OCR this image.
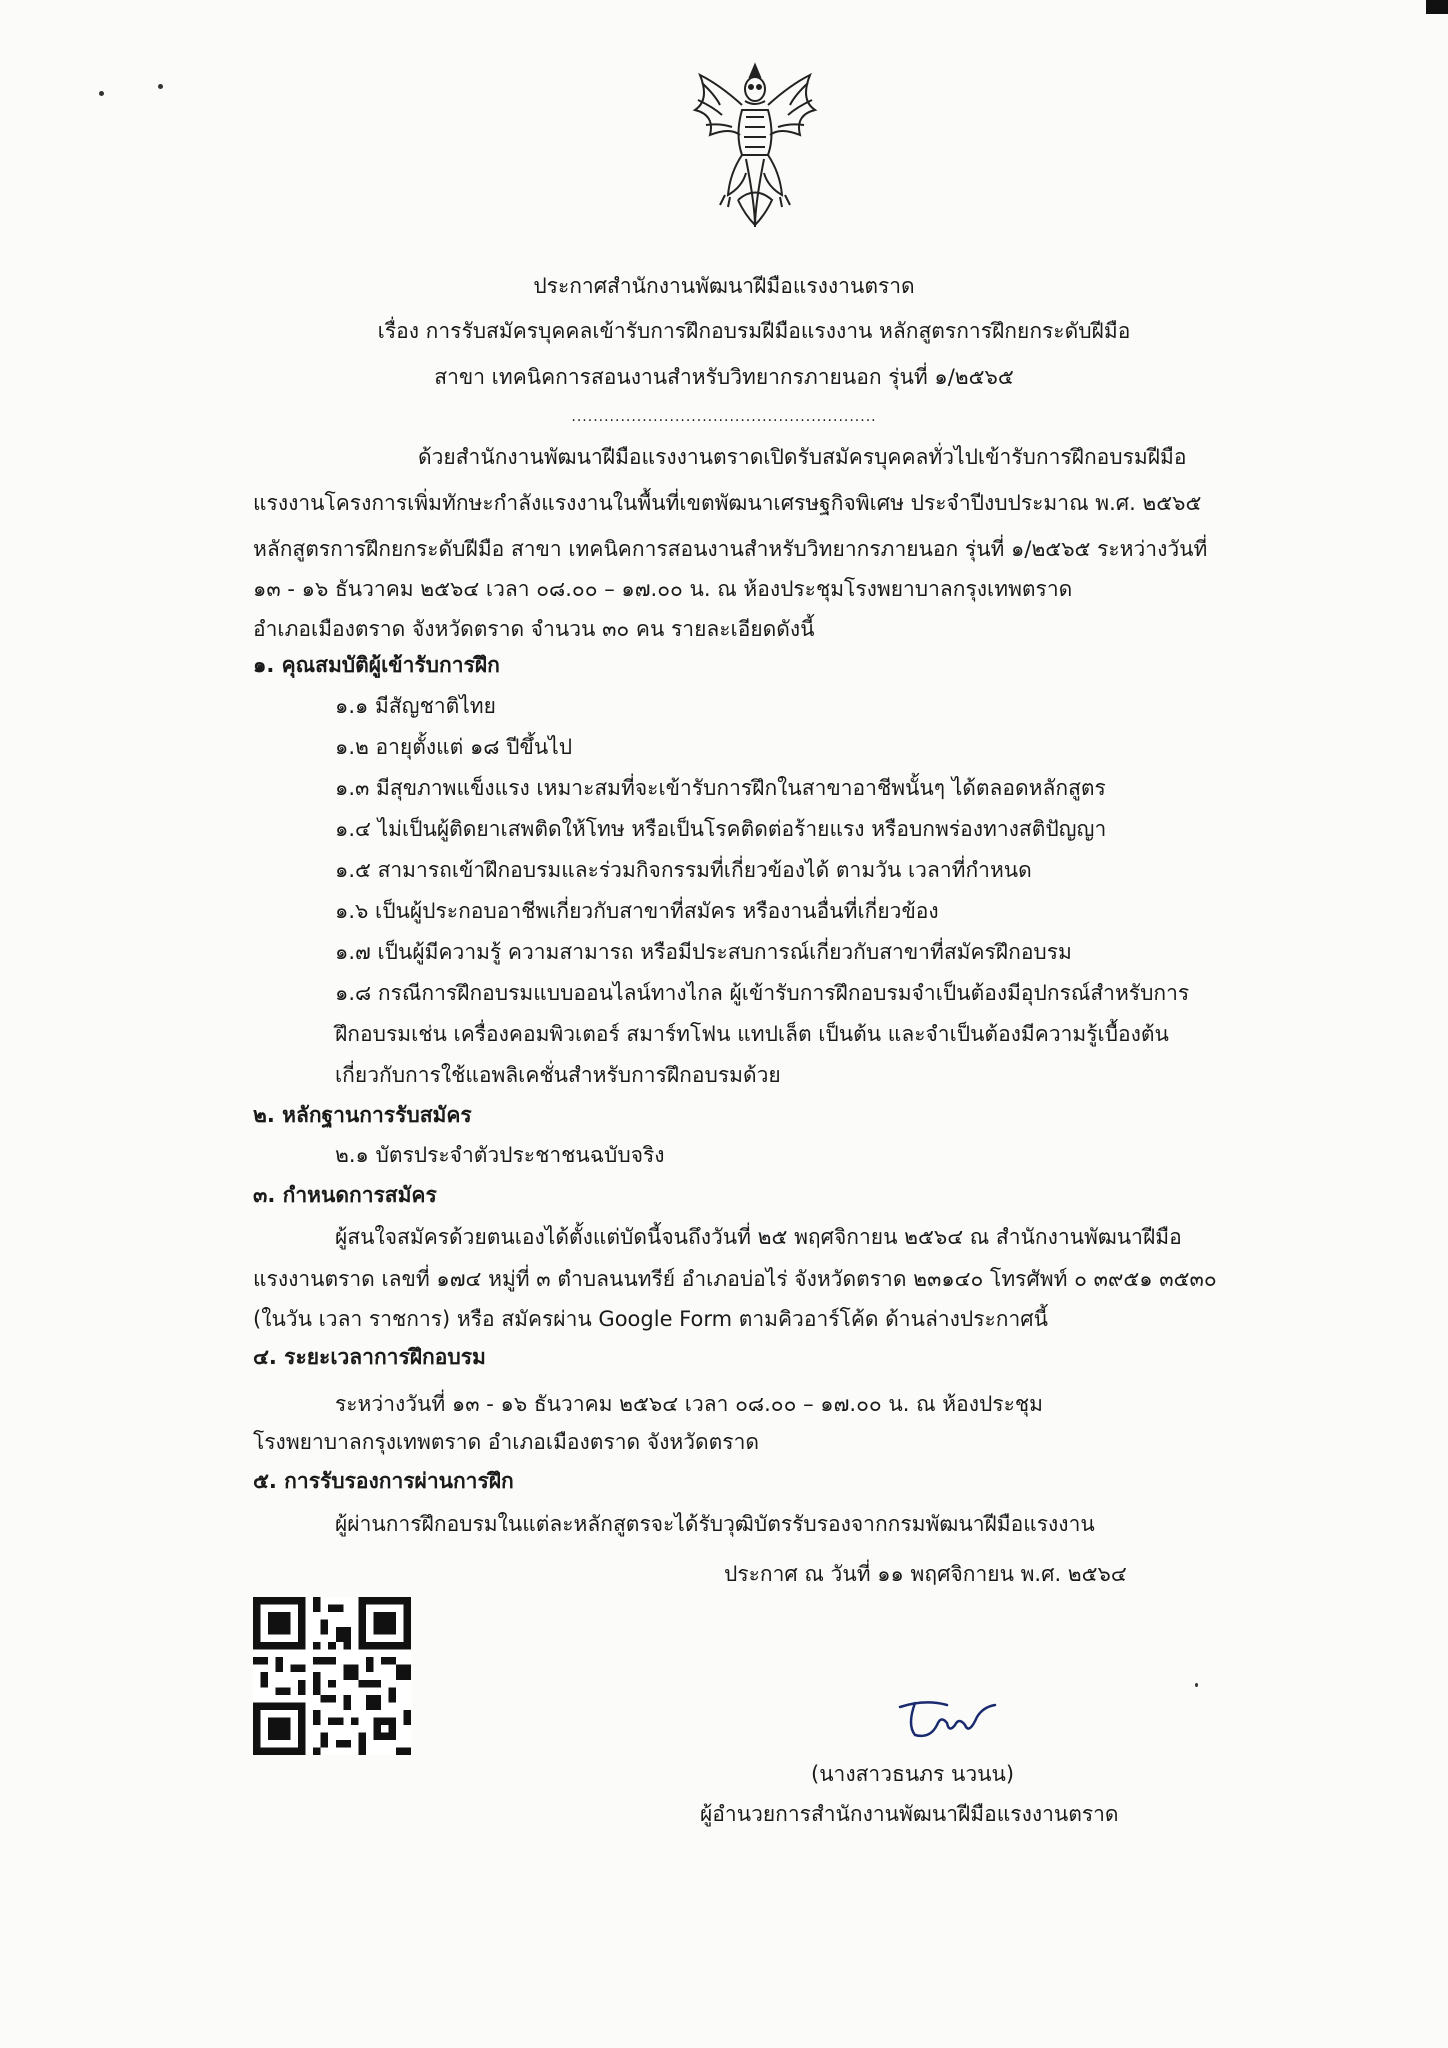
ประกาศสำนักงานพัฒนาฝีมือแรงงานตราด
เรื่อง การรับสมัครบุคคลเข้ารับการฝึกอบรมฝีมือแรงงาน หลักสูตรการฝึกยกระดับฝีมือ
สาขา เทคนิคการสอนงานสำหรับวิทยากรภายนอก รุ่นที่ ๑/๒๕๖๕
........................................................
ด้วยสำนักงานพัฒนาฝีมือแรงงานตราดเปิดรับสมัครบุคคลทั่วไปเข้ารับการฝึกอบรมฝีมือ
แรงงานโครงการเพิ่มทักษะกำลังแรงงานในพื้นที่เขตพัฒนาเศรษฐกิจพิเศษ ประจำปีงบประมาณ พ.ศ. ๒๕๖๕
หลักสูตรการฝึกยกระดับฝีมือ สาขา เทคนิคการสอนงานสำหรับวิทยากรภายนอก รุ่นที่ ๑/๒๕๖๕ ระหว่างวันที่
๑๓ - ๑๖ ธันวาคม ๒๕๖๔ เวลา ๐๘.๐๐ – ๑๗.๐๐ น. ณ ห้องประชุมโรงพยาบาลกรุงเทพตราด
อำเภอเมืองตราด จังหวัดตราด จำนวน ๓๐ คน รายละเอียดดังนี้
๑. คุณสมบัติผู้เข้ารับการฝึก
๑.๑ มีสัญชาติไทย
๑.๒ อายุตั้งแต่ ๑๘ ปีขึ้นไป
๑.๓ มีสุขภาพแข็งแรง เหมาะสมที่จะเข้ารับการฝึกในสาขาอาชีพนั้นๆ ได้ตลอดหลักสูตร
๑.๔ ไม่เป็นผู้ติดยาเสพติดให้โทษ หรือเป็นโรคติดต่อร้ายแรง หรือบกพร่องทางสติปัญญา
๑.๕ สามารถเข้าฝึกอบรมและร่วมกิจกรรมที่เกี่ยวข้องได้ ตามวัน เวลาที่กำหนด
๑.๖ เป็นผู้ประกอบอาชีพเกี่ยวกับสาขาที่สมัคร หรืองานอื่นที่เกี่ยวข้อง
๑.๗ เป็นผู้มีความรู้ ความสามารถ หรือมีประสบการณ์เกี่ยวกับสาขาที่สมัครฝึกอบรม
๑.๘ กรณีการฝึกอบรมแบบออนไลน์ทางไกล ผู้เข้ารับการฝึกอบรมจำเป็นต้องมีอุปกรณ์สำหรับการ
ฝึกอบรมเช่น เครื่องคอมพิวเตอร์ สมาร์ทโฟน แทปเล็ต เป็นต้น และจำเป็นต้องมีความรู้เบื้องต้น
เกี่ยวกับการใช้แอพลิเคชั่นสำหรับการฝึกอบรมด้วย
๒. หลักฐานการรับสมัคร
๒.๑ บัตรประจำตัวประชาชนฉบับจริง
๓. กำหนดการสมัคร
ผู้สนใจสมัครด้วยตนเองได้ตั้งแต่บัดนี้จนถึงวันที่ ๒๕ พฤศจิกายน ๒๕๖๔ ณ สำนักงานพัฒนาฝีมือ
แรงงานตราด เลขที่ ๑๗๔ หมู่ที่ ๓ ตำบลนนทรีย์ อำเภอบ่อไร่ จังหวัดตราด ๒๓๑๔๐ โทรศัพท์ ๐ ๓๙๕๑ ๓๕๓๐
(ในวัน เวลา ราชการ) หรือ สมัครผ่าน Google Form ตามคิวอาร์โค้ด ด้านล่างประกาศนี้
๔. ระยะเวลาการฝึกอบรม
ระหว่างวันที่ ๑๓ - ๑๖ ธันวาคม ๒๕๖๔ เวลา ๐๘.๐๐ – ๑๗.๐๐ น. ณ ห้องประชุม
โรงพยาบาลกรุงเทพตราด อำเภอเมืองตราด จังหวัดตราด
๕. การรับรองการผ่านการฝึก
ผู้ผ่านการฝึกอบรมในแต่ละหลักสูตรจะได้รับวุฒิบัตรรับรองจากกรมพัฒนาฝีมือแรงงาน
ประกาศ ณ วันที่ ๑๑ พฤศจิกายน พ.ศ. ๒๕๖๔
(นางสาวธนภร นวนน)
ผู้อำนวยการสำนักงานพัฒนาฝีมือแรงงานตราด
